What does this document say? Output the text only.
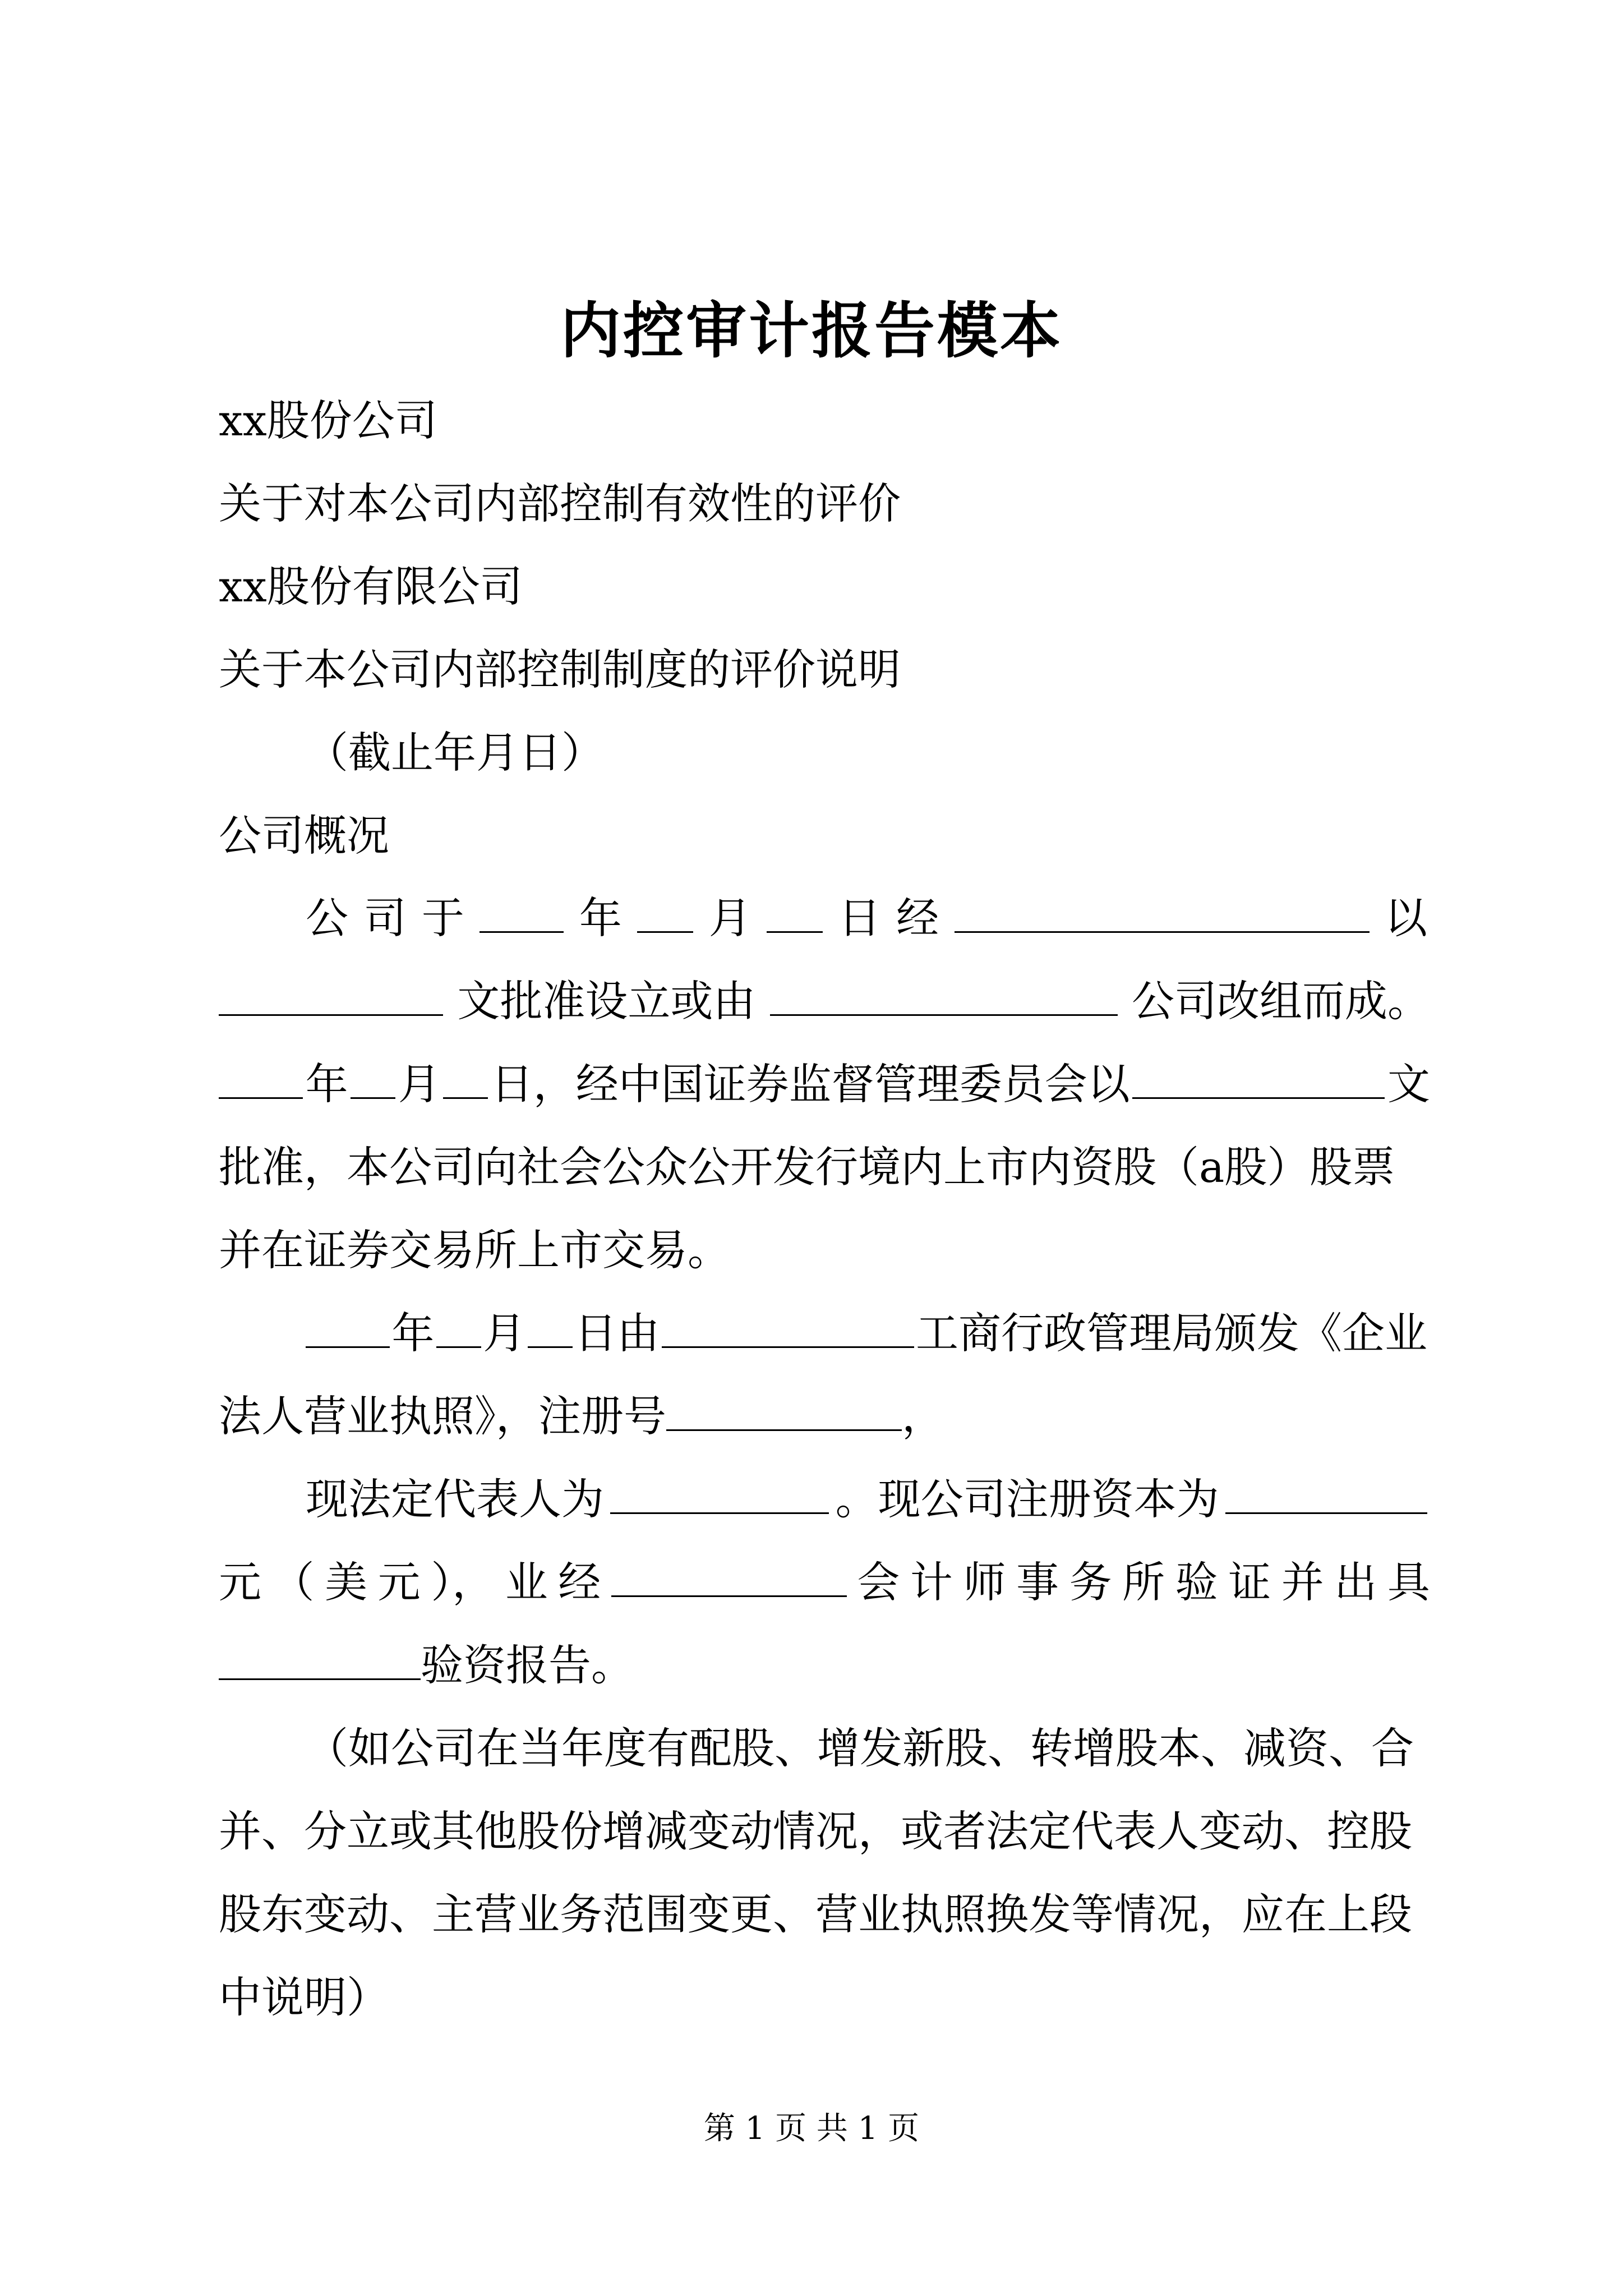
内控审计报告模本
xx股份公司
关于对本公司内部控制有效性的评价
xx股份有限公司
关于本公司内部控制制度的评价说明
（截止年月日）
公司概况
公 司 于	年 月 日 经	以
文批准设立或由	公司改组而成。
年 月 日，经中国证券监督管理委员会以	文
批准，本公司向社会公众公开发行境内上市内资股（a股）股票
并在证券交易所上市交易。
年 月 日由	工商行政管理局颁发《企业
法人营业执照》，注册号	，
现法定代表人为	。现公司注册资本为
元 （ 美 元 ）， 业 经	会 计 师 事 务 所 验 证 并 出 具
验资报告。
（如公司在当年度有配股、增发新股、转增股本、减资、合
并、分立或其他股份增减变动情况，或者法定代表人变动、控股
股东变动、主营业务范围变更、营业执照换发等情况，应在上段
中说明）
第 1 页 共 1 页
